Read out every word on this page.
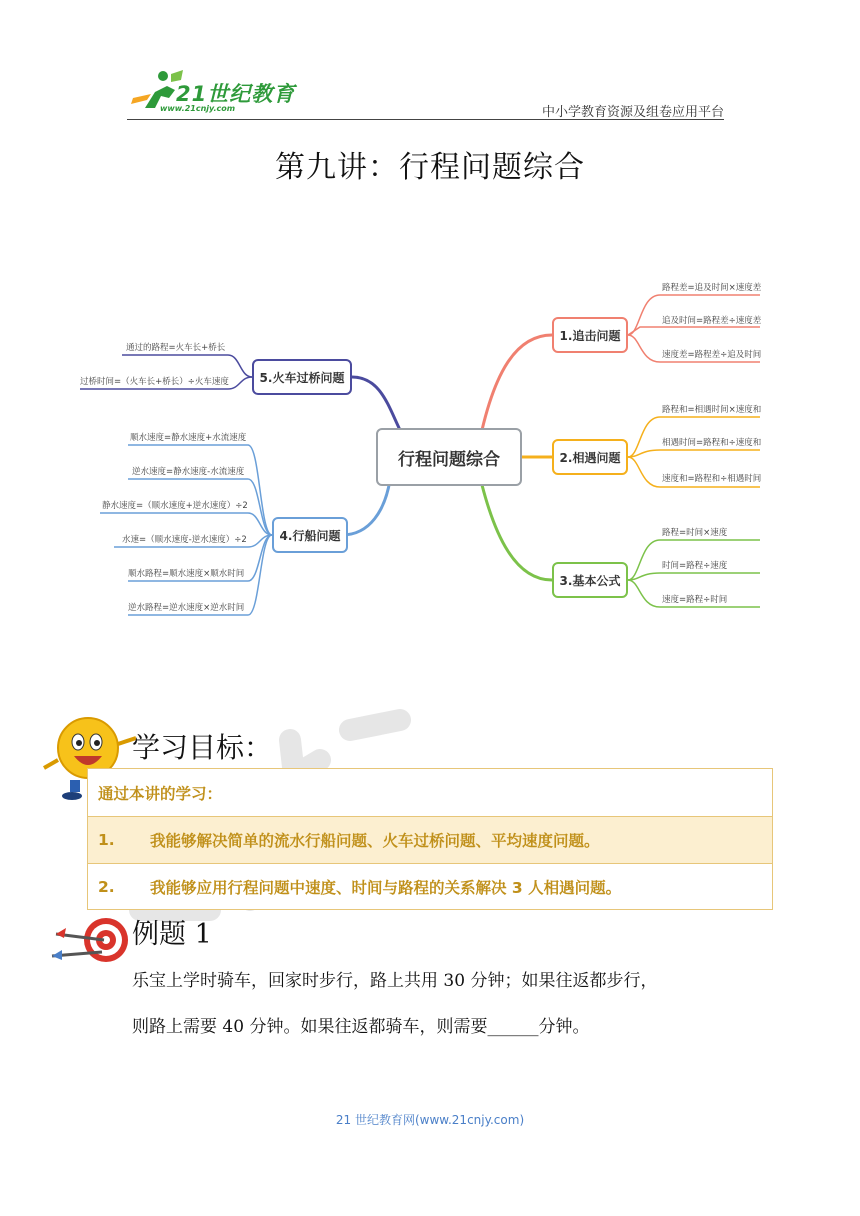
21世纪教育
www.21cnjy.com	中小学教育资源及组卷应用平台
第九讲：行程问题综合
行程问题综合
1.追击问题
2.相遇问题
3.基本公式
4.行船问题
5.火车过桥问题
路程差=追及时间×速度差
追及时间=路程差÷速度差
速度差=路程差÷追及时间
路程和=相遇时间×速度和
相遇时间=路程和÷速度和
速度和=路程和÷相遇时间
路程=时间×速度
时间=路程÷速度
速度=路程÷时间
通过的路程=火车长+桥长
过桥时间=（火车长+桥长）÷火车速度
顺水速度=静水速度+水流速度
逆水速度=静水速度-水流速度
静水速度=（顺水速度+逆水速度）÷2
水速=（顺水速度-逆水速度）÷2
顺水路程=顺水速度×顺水时间
逆水路程=逆水速度×逆水时间
学习目标：
通过本讲的学习：
1.	我能够解决简单的流水行船问题、火车过桥问题、平均速度问题。
2.	我能够应用行程问题中速度、时间与路程的关系解决 3 人相遇问题。
例题 1
乐宝上学时骑车，回家时步行，路上共用 30 分钟；如果往返都步行，
则路上需要 40 分钟。如果往返都骑车，则需要______分钟。
21 世纪教育网(www.21cnjy.com)
